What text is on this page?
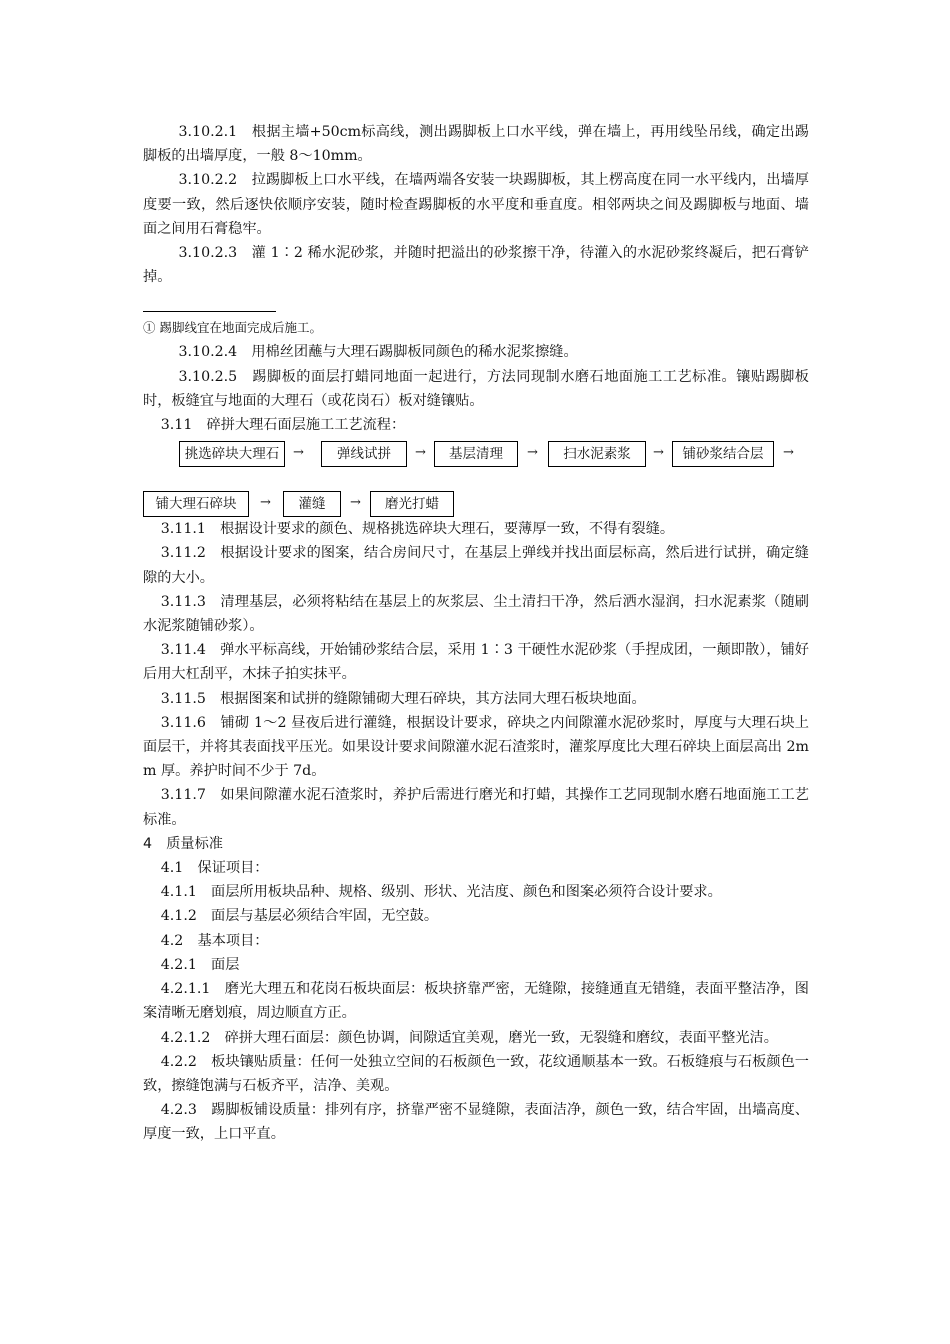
3.10.2.1　根据主墙+50cm标高线，测出踢脚板上口水平线，弹在墙上，再用线坠吊线，确定出踢脚板的出墙厚度，一般 8～10mm。

3.10.2.2　拉踢脚板上口水平线，在墙两端各安装一块踢脚板，其上楞高度在同一水平线内，出墙厚度要一致，然后逐快依顺序安装，随时检查踢脚板的水平度和垂直度。相邻两块之间及踢脚板与地面、墙面之间用石膏稳牢。

3.10.2.3　灌 1∶2 稀水泥砂浆，并随时把溢出的砂浆擦干净，待灌入的水泥砂浆终凝后，把石膏铲掉。

① 踢脚线宜在地面完成后施工。

3.10.2.4　用棉丝团蘸与大理石踢脚板同颜色的稀水泥浆擦缝。

3.10.2.5　踢脚板的面层打蜡同地面一起进行，方法同现制水磨石地面施工工艺标准。镶贴踢脚板时，板缝宜与地面的大理石（或花岗石）板对缝镶贴。

3.11　碎拼大理石面层施工工艺流程：

挑选碎块大理石	→	弹线试拼	→	基层清理	→	扫水泥素浆	→	铺砂浆结合层	→
铺大理石碎块	→	灌缝	→	磨光打蜡

3.11.1　根据设计要求的颜色、规格挑选碎块大理石，要薄厚一致，不得有裂缝。

3.11.2　根据设计要求的图案，结合房间尺寸，在基层上弹线并找出面层标高，然后进行试拼，确定缝隙的大小。

3.11.3　清理基层，必须将粘结在基层上的灰浆层、尘土清扫干净，然后洒水湿润，扫水泥素浆（随刷水泥浆随铺砂浆）。

3.11.4　弹水平标高线，开始铺砂浆结合层，采用 1∶3 干硬性水泥砂浆（手捏成团，一颠即散），铺好后用大杠刮平，木抹子拍实抹平。

3.11.5　根据图案和试拼的缝隙铺砌大理石碎块，其方法同大理石板块地面。

3.11.6　铺砌 1～2 昼夜后进行灌缝，根据设计要求，碎块之内间隙灌水泥砂浆时，厚度与大理石块上面层干，并将其表面找平压光。如果设计要求间隙灌水泥石渣浆时，灌浆厚度比大理石碎块上面层高出 2mm 厚。养护时间不少于 7d。

3.11.7　如果间隙灌水泥石渣浆时，养护后需进行磨光和打蜡，其操作工艺同现制水磨石地面施工工艺标准。

4　质量标准

4.1　保证项目：

4.1.1　面层所用板块品种、规格、级别、形状、光洁度、颜色和图案必须符合设计要求。

4.1.2　面层与基层必须结合牢固，无空鼓。

4.2　基本项目：

4.2.1　面层

4.2.1.1　磨光大理五和花岗石板块面层：板块挤靠严密，无缝隙，接缝通直无错缝，表面平整洁净，图案清晰无磨划痕，周边顺直方正。

4.2.1.2　碎拼大理石面层：颜色协调，间隙适宜美观，磨光一致，无裂缝和磨纹，表面平整光洁。

4.2.2　板块镶贴质量：任何一处独立空间的石板颜色一致，花纹通顺基本一致。石板缝痕与石板颜色一致，擦缝饱满与石板齐平，洁净、美观。

4.2.3　踢脚板铺设质量：排列有序，挤靠严密不显缝隙，表面洁净，颜色一致，结合牢固，出墙高度、厚度一致，上口平直。
